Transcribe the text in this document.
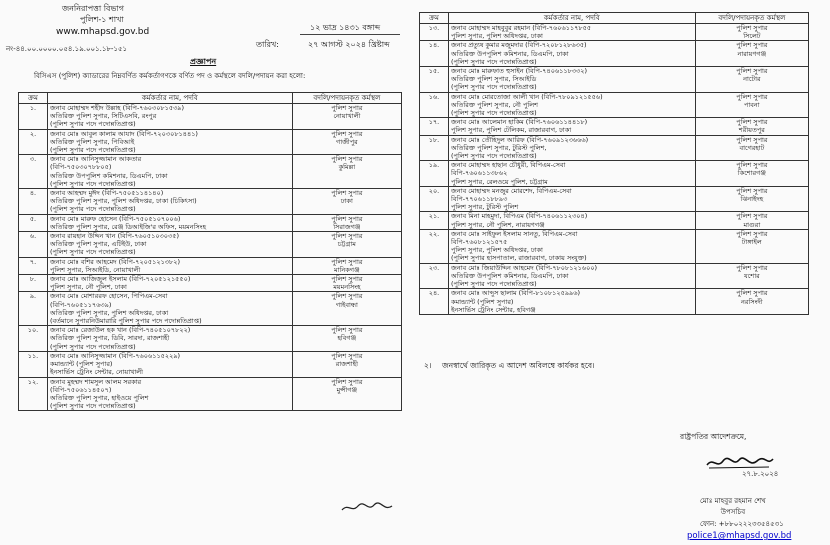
জননিরাপত্তা বিভাগ
পুলিশ-১ শাখা
www.mhapsd.gov.bd	১২ ভাদ্র ১৪৩১ বঙ্গাব্দ
তারিখ:	২৭ আগস্ট ২০২৪ খ্রিষ্টাব্দ
নং-৪৪.০০.০০০০.০৫৪.১৯.০০১.১৮-১৫১
প্রজ্ঞাপন
বিসিএস (পুলিশ) ক্যাডারের নিম্নবর্ণিত কর্মকর্তাগণকে বর্ণিত পদ ও কর্মস্থলে বদলি/পদায়ন করা হলো:
ক্রম	কর্মকর্তার নাম, পদবি	বদলি/পদায়নকৃত কর্মস্থল
১.	জনাব মোহাম্মদ শহীদ উল্লাহ (বিপি-৭৬০৩০৮১৫৩৯)
অতিরিক্ত পুলিশ সুপার, সিটিএসবি, রংপুর
(পুলিশ সুপার পদে পদোন্নতিপ্রাপ্ত)	পুলিশ সুপার
নোয়াখালী

২.	জনাব মোঃ আবুল কালাম আযাদ (বিপি-৭২০৩০৮১৪৪১)
অতিরিক্ত পুলিশ সুপার, পিবিআই
(পুলিশ সুপার পদে পদোন্নতিপ্রাপ্ত)	পুলিশ সুপার
গাজীপুর

৩.	জনাব মোঃ আনিসুজ্জামান আকতার
(বিপি-৭৫০৩০৭৮৮০৫)
অতিরিক্ত উপপুলিশ কমিশনার, ডিএমপি, ঢাকা
(পুলিশ সুপার পদে পদোন্নতিপ্রাপ্ত)	পুলিশ সুপার
কুমিল্লা

৪.	জনাব আহম্মদ মুঈদ (বিপি-৭৫০৫১১৪১৪০)
অতিরিক্ত পুলিশ সুপার, পুলিশ অধিদপ্তর, ঢাকা (চিকিৎসা)
(পুলিশ সুপার পদে পদোন্নতিপ্রাপ্ত)	পুলিশ সুপার
ঢাকা

৫.	জনাব মোঃ মারুফ হোসেন (বিপি-৭৫০৫১০৭০০৬)
অতিরিক্ত পুলিশ সুপার, রেঞ্জ ডিআইজি'র অফিস, ময়মনসিংহ	পুলিশ সুপার
সিরাজগঞ্জ

৬.	জনাব রায়হান উদ্দিন খান (বিপি-৭৬০৫১০৩০৩৫)
অতিরিক্ত পুলিশ সুপার, এটিইউ, ঢাকা
(পুলিশ সুপার পদে পদোন্নতিপ্রাপ্ত)	পুলিশ সুপার
চট্টগ্রাম

৭.	জনাব মোঃ বশির আহমেদ (বিপি-৭২০৫১২১৩৮২)
পুলিশ সুপার, সিআইডি, নোয়াখালী	পুলিশ সুপার
মানিকগঞ্জ

৮.	জনাব মোঃ আজিজুল ইসলাম (বিপি-৭২০৫১২১৫৫০)
পুলিশ সুপার, নৌ পুলিশ, ঢাকা	পুলিশ সুপার
ময়মনসিংহ

৯.	জনাব মোঃ মোশাররফ হোসেন, পিপিএম-সেবা
(বিপি-৭৬০৫১১৭৬৩৯)
অতিরিক্ত পুলিশ সুপার, পুলিশ অধিদপ্তর, ঢাকা
(বর্তমানে সুপারনিউমারারি পুলিশ সুপার পদে পদোন্নতিপ্রাপ্ত)	পুলিশ সুপার
গাইবান্ধা

১০.	জনাব মোঃ রেজাউল হক খান (বিপি-৭৪০৫১০৭৮২২)
অতিরিক্ত পুলিশ সুপার, ডিবি, সারদা, রাজশাহী
(পুলিশ সুপার পদে পদোন্নতিপ্রাপ্ত)	পুলিশ সুপার
হবিগঞ্জ

১১.	জনাব মোঃ আনিসুজ্জামান (বিপি-৭৬০৬১১৫২২৯)
কমান্ড্যান্ট (পুলিশ সুপার)
ইনসার্ভিস ট্রেনিং সেন্টার, নোয়াখালী	পুলিশ সুপার
রাজশাহী

১২.	জনাব মুহম্মদ শামসুল আলম সরকার
(বিপি-৭৫০৬১১৪৫০৭)
অতিরিক্ত পুলিশ সুপার, হাইওয়ে পুলিশ
(পুলিশ সুপার পদে পদোন্নতিপ্রাপ্ত)	পুলিশ সুপার
মুন্সীগঞ্জ
ক্রম	কর্মকর্তার নাম, পদবি	বদলি/পদায়নকৃত কর্মস্থল
১৩.	জনাব মোহাম্মদ মাহবুবুর রহমান (বিপি-৭৬০৬১১৭৮৫৫
পুলিশ সুপার, পুলিশ অধিদপ্তর, ঢাকা	পুলিশ সুপার
সিলেট

১৪.	জনাব প্রত্যুষ কুমার মজুমদার (বিপি-৭২০৮১২৮৬৩৫)
অতিরিক্ত উপপুলিশ কমিশনার, ডিএমপি, ঢাকা
(পুলিশ সুপার পদে পদোন্নতিপ্রাপ্ত)	পুলিশ সুপার
নারায়ণগঞ্জ

১৫.	জনাব মোঃ মারুফাত হুসাইন (বিপি-৭৪০৬১১৮৩৩২)
অতিরিক্ত পুলিশ সুপার, সিআইডি
(পুলিশ সুপার পদে পদোন্নতিপ্রাপ্ত)	পুলিশ সুপার
নাটোর

১৬.	জনাব মোঃ মোরতোজা আলী খান (বিপি-৭৮০৯১২১৫৫৬)
অতিরিক্ত পুলিশ সুপার, নৌ পুলিশ
(পুলিশ সুপার পদে পদোন্নতিপ্রাপ্ত)	পুলিশ সুপার
পাবনা

১৭.	জনাব মোঃ আলেমান হাকিম (বিপি-৭৬০৬১১৪৪১৮)
পুলিশ সুপার, পুলিশ টেলিকম, রাজারবাগ, ঢাকা	পুলিশ সুপার
শরীয়তপুর

১৮.	জনাব মোঃ তৌহিদুল আরিফ (বিপি-৭৬০৯১২৩৬৬৬)
অতিরিক্ত পুলিশ সুপার, টুরিস্ট পুলিশ,
(পুলিশ সুপার পদে পদোন্নতিপ্রাপ্ত)	পুলিশ সুপার
বাগেরহাট

১৯.	জনাব মোহাম্মদ হাছান চৌধুরী, বিপিএম-সেবা
বিপি-৭৬০৬১১৩৮৬২
পুলিশ সুপার, রেলওয়ে পুলিশ, চট্টগ্রাম	পুলিশ সুপার
কিশোরগঞ্জ

২০.	জনাব মোহাম্মদ মনজুর মোরশেদ, বিপিএম-সেবা
বিপি-৭৭০৬১১৮৮৯৩
পুলিশ সুপার, টুরিস্ট পুলিশ	পুলিশ সুপার
ঝিনাইদহ

২১.	জনাব মিনা মাহমুদা, বিপিএম (বিপি-৭৪০৬১১২৩০৪)
পুলিশ সুপার, নৌ পুলিশ, নারায়ণগঞ্জ	পুলিশ সুপার
মাগুরা

২২.	জনাব মোঃ সাইফুল ইসলাম সানতু, বিপিএম-সেবা
বিপি-৭৬০৮১২১৫৭৫
পুলিশ সুপার, পুলিশ অধিদপ্তর, ঢাকা
(পুলিশ সুপার হাসপাতাল, রাজারবাগ, ঢাকায় সংযুক্ত)	পুলিশ সুপার
টাঙ্গাইল

২৩.	জনাব মোঃ জিয়াউদ্দিন আহমেদ (বিপি-৭৮০৮১২১৬০০)
অতিরিক্ত উপপুলিশ কমিশনার, ডিএমপি, ঢাকা
(পুলিশ সুপার পদে পদোন্নতিপ্রাপ্ত)	পুলিশ সুপার
যশোর

২৪.	জনাব মোঃ আব্দুস ছালাম (বিপি-৮১০৮১২৫৯৯৬)
কমান্ড্যান্ট (পুলিশ সুপার)
ইনসার্ভিস ট্রেনিং সেন্টার, হবিগঞ্জ	পুলিশ সুপার
নরসিংদী
২। জনস্বার্থে জারিকৃত এ আদেশ অবিলম্বে কার্যকর হবে।
রাষ্ট্রপতির আদেশক্রমে,
২৭.৮.২০২৪
মোঃ মাহবুর রহমান শেখ
উপসচিব
ফোন: +৮৮০২২২৩৩৫৪৫৩১
police1@mhapsd.gov.bd
